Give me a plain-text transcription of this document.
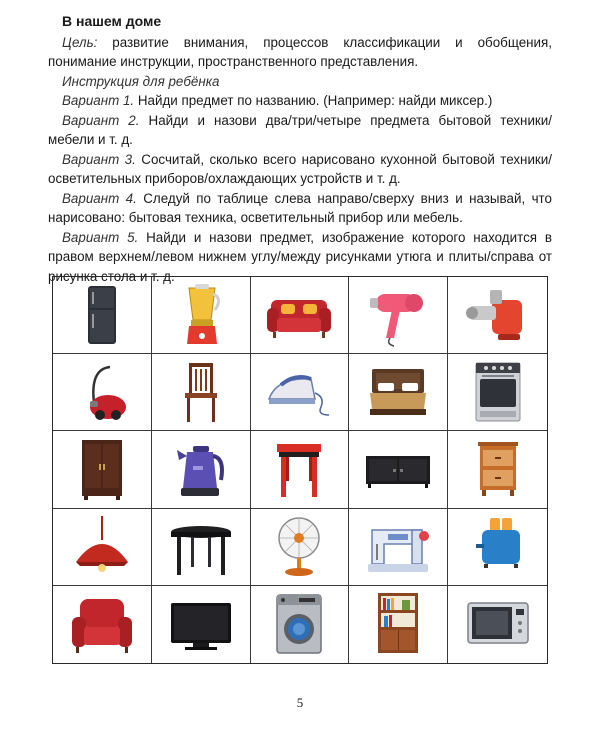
В нашем доме

Цель: развитие внимания, процессов классификации и обобщения, понимание инструкции, пространственного представления.

Инструкция для ребёнка

Вариант 1. Найди предмет по названию. (Например: найди миксер.)

Вариант 2. Найди и назови два/три/четыре предмета бытовой техники/мебели и т. д.

Вариант 3. Сосчитай, сколько всего нарисовано кухонной бытовой техники/осветительных приборов/охлаждающих устройств и т. д.

Вариант 4. Следуй по таблице слева направо/сверху вниз и называй, что нарисовано: бытовая техника, осветительный прибор или мебель.

Вариант 5. Найди и назови предмет, изображение которого находится в правом верхнем/левом нижнем углу/между рисунками утюга и плиты/справа от рисунка стола и т. д.

5
